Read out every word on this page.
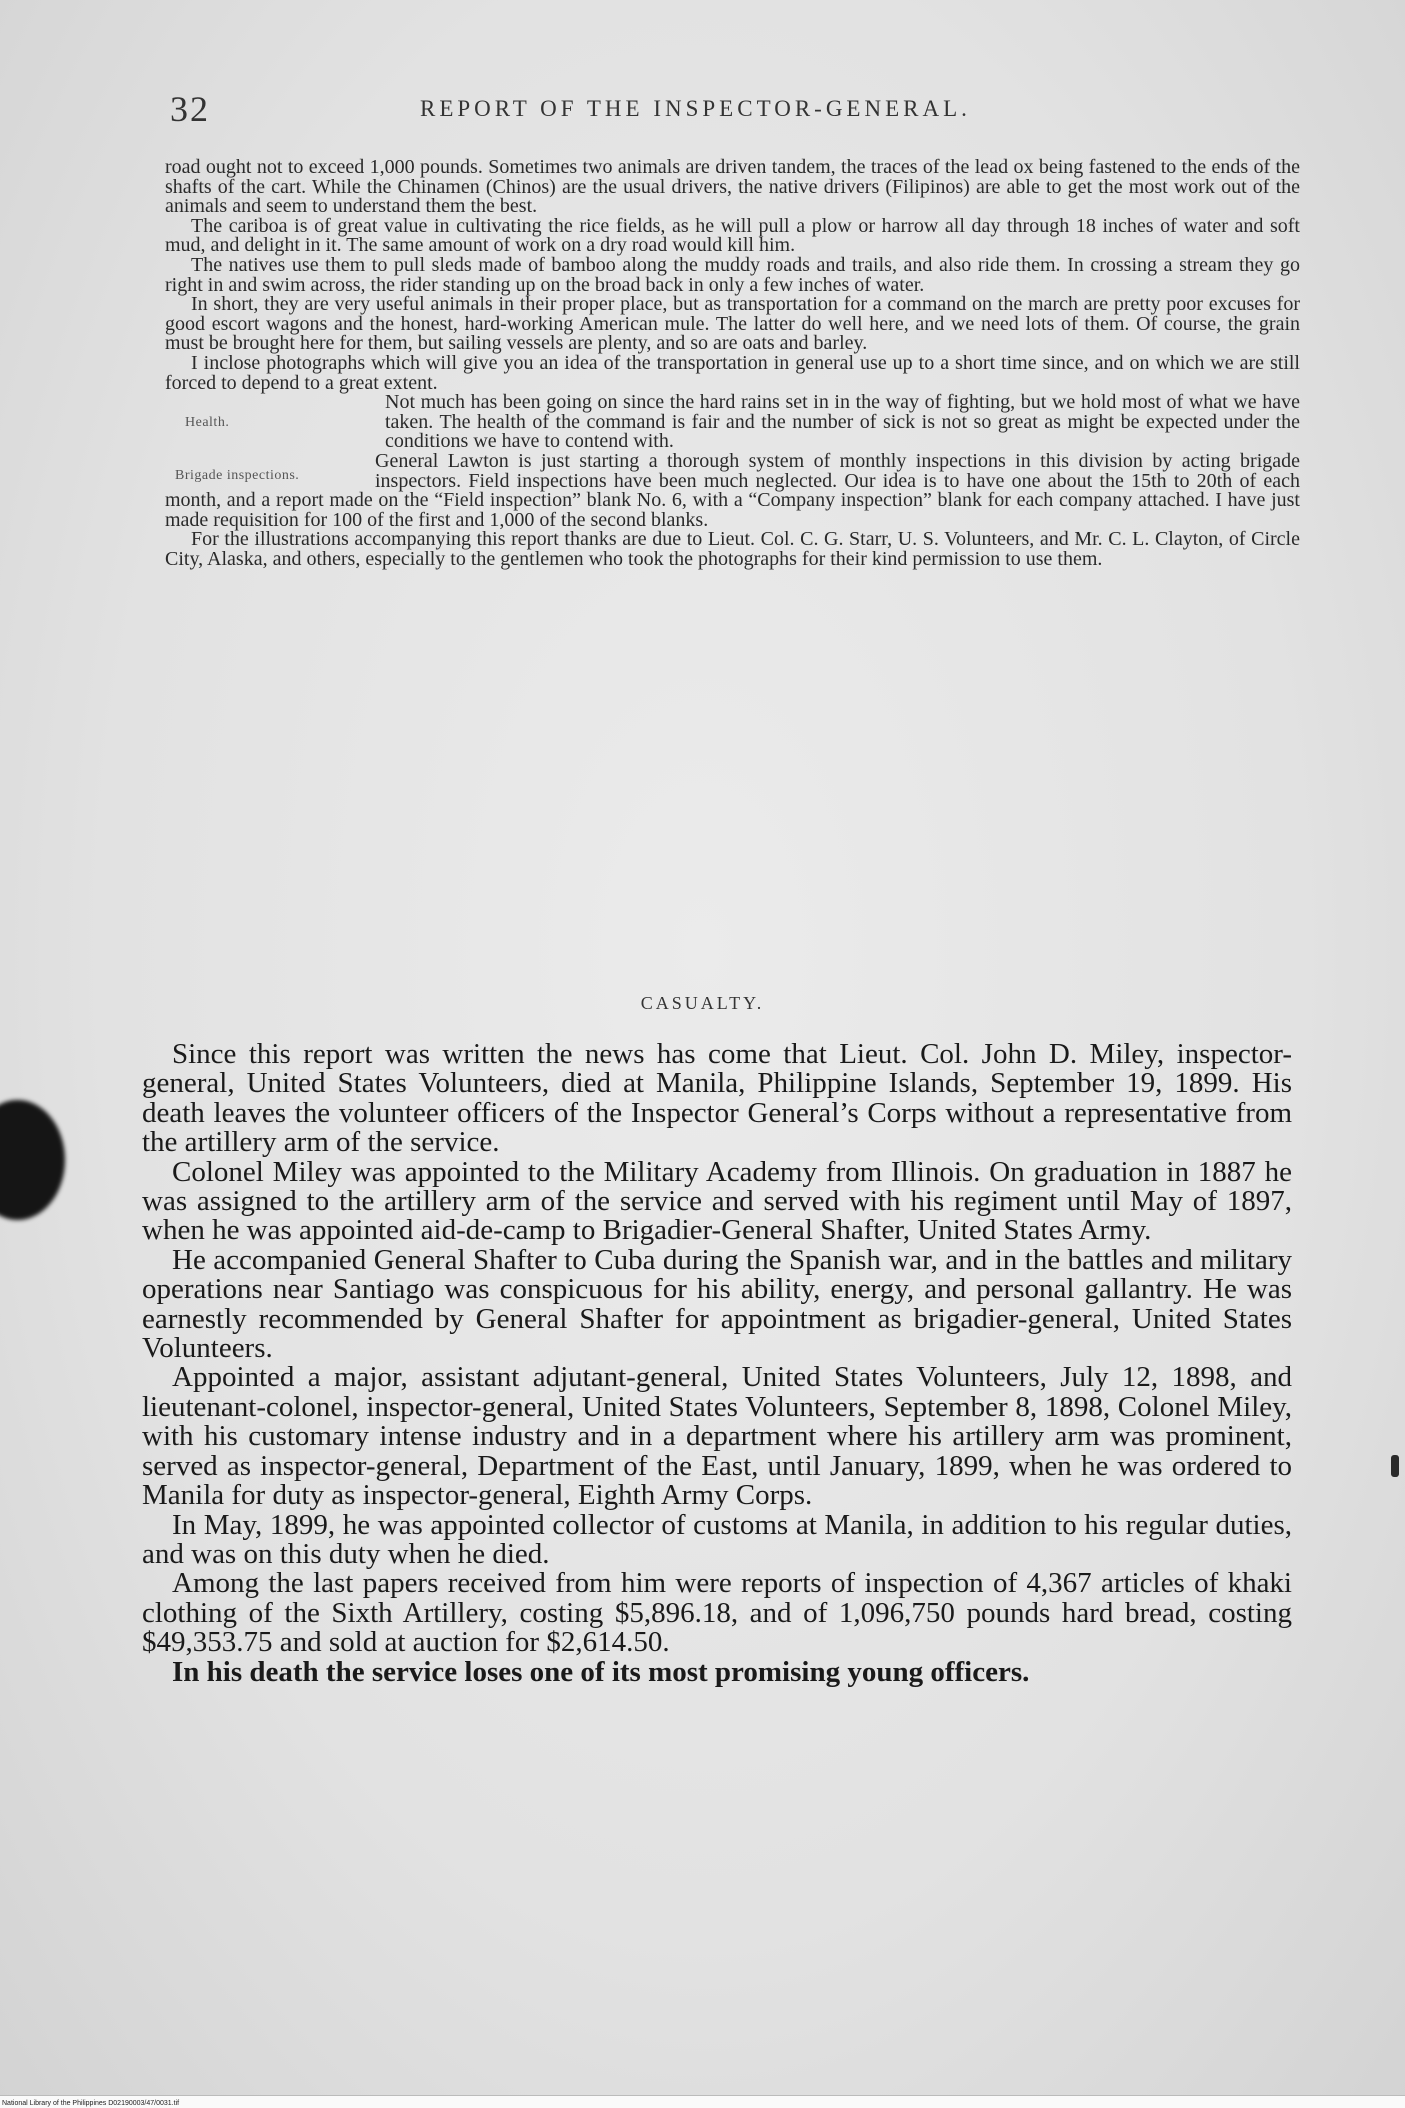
32	REPORT OF THE INSPECTOR-GENERAL.

road ought not to exceed 1,000 pounds. Sometimes two animals are driven tandem, the traces of the lead ox being fastened to the ends of the shafts of the cart. While the Chinamen (Chinos) are the usual drivers, the native drivers (Filipinos) are able to get the most work out of the animals and seem to understand them the best.

The cariboa is of great value in cultivating the rice fields, as he will pull a plow or harrow all day through 18 inches of water and soft mud, and delight in it. The same amount of work on a dry road would kill him.

The natives use them to pull sleds made of bamboo along the muddy roads and trails, and also ride them. In crossing a stream they go right in and swim across, the rider standing up on the broad back in only a few inches of water.

In short, they are very useful animals in their proper place, but as transportation for a command on the march are pretty poor excuses for good escort wagons and the honest, hard-working American mule. The latter do well here, and we need lots of them. Of course, the grain must be brought here for them, but sailing vessels are plenty, and so are oats and barley.

I inclose photographs which will give you an idea of the transportation in general use up to a short time since, and on which we are still forced to depend to a great extent.

Health.

Not much has been going on since the hard rains set in in the way of fighting, but we hold most of what we have taken. The health of the command is fair and the number of sick is not so great as might be expected under the conditions we have to contend with.

Brigade inspections.

General Lawton is just starting a thorough system of monthly inspections in this division by acting brigade inspectors. Field inspections have been much neglected. Our idea is to have one about the 15th to 20th of each month, and a report made on the “Field inspection” blank No. 6, with a “Company inspection” blank for each company attached. I have just made requisition for 100 of the first and 1,000 of the second blanks.

For the illustrations accompanying this report thanks are due to Lieut. Col. C. G. Starr, U. S. Volunteers, and Mr. C. L. Clayton, of Circle City, Alaska, and others, especially to the gentlemen who took the photographs for their kind permission to use them.

CASUALTY.

Since this report was written the news has come that Lieut. Col. John D. Miley, inspector-general, United States Volunteers, died at Manila, Philippine Islands, September 19, 1899. His death leaves the volunteer officers of the Inspector General’s Corps without a representative from the artillery arm of the service.

Colonel Miley was appointed to the Military Academy from Illinois. On graduation in 1887 he was assigned to the artillery arm of the service and served with his regiment until May of 1897, when he was appointed aid-de-camp to Brigadier-General Shafter, United States Army.

He accompanied General Shafter to Cuba during the Spanish war, and in the battles and military operations near Santiago was conspicuous for his ability, energy, and personal gallantry. He was earnestly recommended by General Shafter for appointment as brigadier-general, United States Volunteers.

Appointed a major, assistant adjutant-general, United States Volunteers, July 12, 1898, and lieutenant-colonel, inspector-general, United States Volunteers, September 8, 1898, Colonel Miley, with his customary intense industry and in a department where his artillery arm was prominent, served as inspector-general, Department of the East, until January, 1899, when he was ordered to Manila for duty as inspector-general, Eighth Army Corps.

In May, 1899, he was appointed collector of customs at Manila, in addition to his regular duties, and was on this duty when he died.

Among the last papers received from him were reports of inspection of 4,367 articles of khaki clothing of the Sixth Artillery, costing $5,896.18, and of 1,096,750 pounds hard bread, costing $49,353.75 and sold at auction for $2,614.50.

In his death the service loses one of its most promising young officers.

National Library of the Philippines D02190003/47/0031.tif
